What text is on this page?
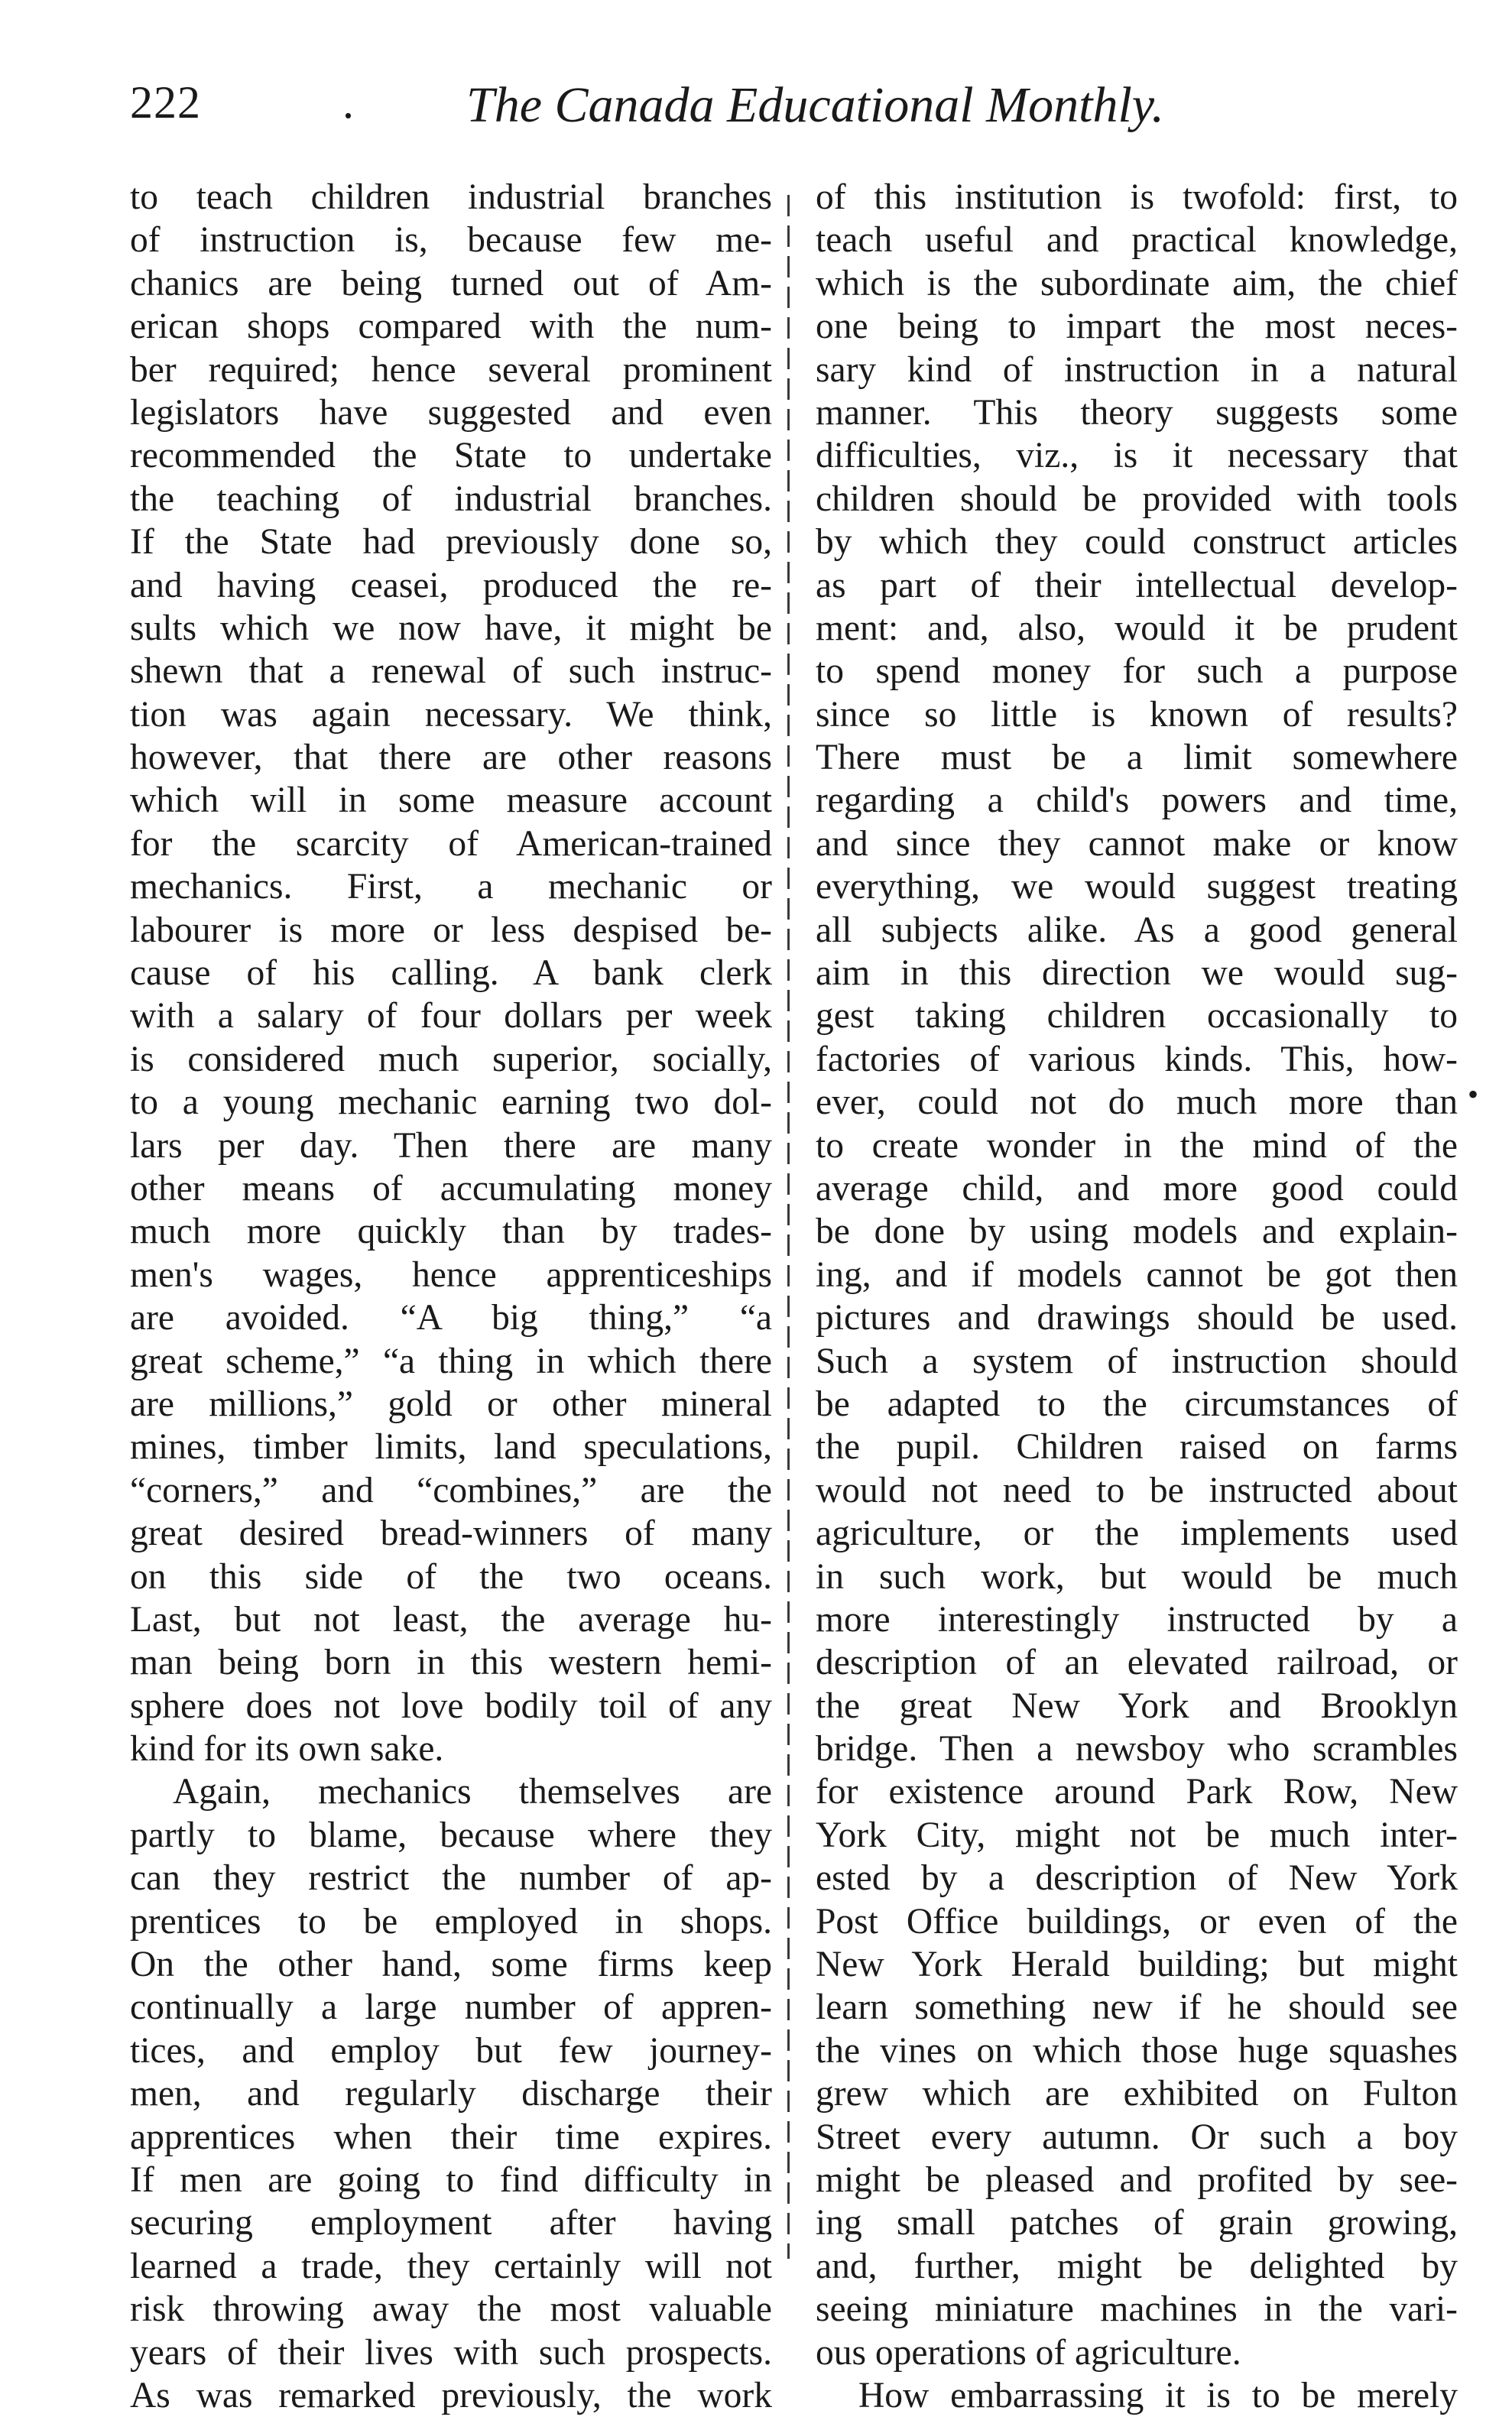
222	. The Canada Educational Monthly.
to teach children industrial branches
of instruction is, because few me-
chanics are being turned out of Am-
erican shops compared with the num-
ber required; hence several prominent
legislators have suggested and even
recommended the State to undertake
the teaching of industrial branches.
If the State had previously done so,
and having ceasei, produced the re-
sults which we now have, it might be
shewn that a renewal of such instruc-
tion was again necessary. We think,
however, that there are other reasons
which will in some measure account
for the scarcity of American-trained
mechanics. First, a mechanic or
labourer is more or less despised be-
cause of his calling. A bank clerk
with a salary of four dollars per week
is considered much superior, socially,
to a young mechanic earning two dol-
lars per day. Then there are many
other means of accumulating money
much more quickly than by trades-
men's wages, hence apprenticeships
are avoided. “A big thing,” “a
great scheme,” “a thing in which there
are millions,” gold or other mineral
mines, timber limits, land speculations,
“corners,” and “combines,” are the
great desired bread-winners of many
on this side of the two oceans.
Last, but not least, the average hu-
man being born in this western hemi-
sphere does not love bodily toil of any
kind for its own sake.
Again, mechanics themselves are
partly to blame, because where they
can they restrict the number of ap-
prentices to be employed in shops.
On the other hand, some firms keep
continually a large number of appren-
tices, and employ but few journey-
men, and regularly discharge their
apprentices when their time expires.
If men are going to find difficulty in
securing employment after having
learned a trade, they certainly will not
risk throwing away the most valuable
years of their lives with such prospects.
As was remarked previously, the work
of this institution is twofold: first, to
teach useful and practical knowledge,
which is the subordinate aim, the chief
one being to impart the most neces-
sary kind of instruction in a natural
manner. This theory suggests some
difficulties, viz., is it necessary that
children should be provided with tools
by which they could construct articles
as part of their intellectual develop-
ment: and, also, would it be prudent
to spend money for such a purpose
since so little is known of results?
There must be a limit somewhere
regarding a child's powers and time,
and since they cannot make or know
everything, we would suggest treating
all subjects alike. As a good general
aim in this direction we would sug-
gest taking children occasionally to
factories of various kinds. This, how-
ever, could not do much more than
to create wonder in the mind of the
average child, and more good could
be done by using models and explain-
ing, and if models cannot be got then
pictures and drawings should be used.
Such a system of instruction should
be adapted to the circumstances of
the pupil. Children raised on farms
would not need to be instructed about
agriculture, or the implements used
in such work, but would be much
more interestingly instructed by a
description of an elevated railroad, or
the great New York and Brooklyn
bridge. Then a newsboy who scrambles
for existence around Park Row, New
York City, might not be much inter-
ested by a description of New York
Post Office buildings, or even of the
New York Herald building; but might
learn something new if he should see
the vines on which those huge squashes
grew which are exhibited on Fulton
Street every autumn. Or such a boy
might be pleased and profited by see-
ing small patches of grain growing,
and, further, might be delighted by
seeing miniature machines in the vari-
ous operations of agriculture.
How embarrassing it is to be merely
•
